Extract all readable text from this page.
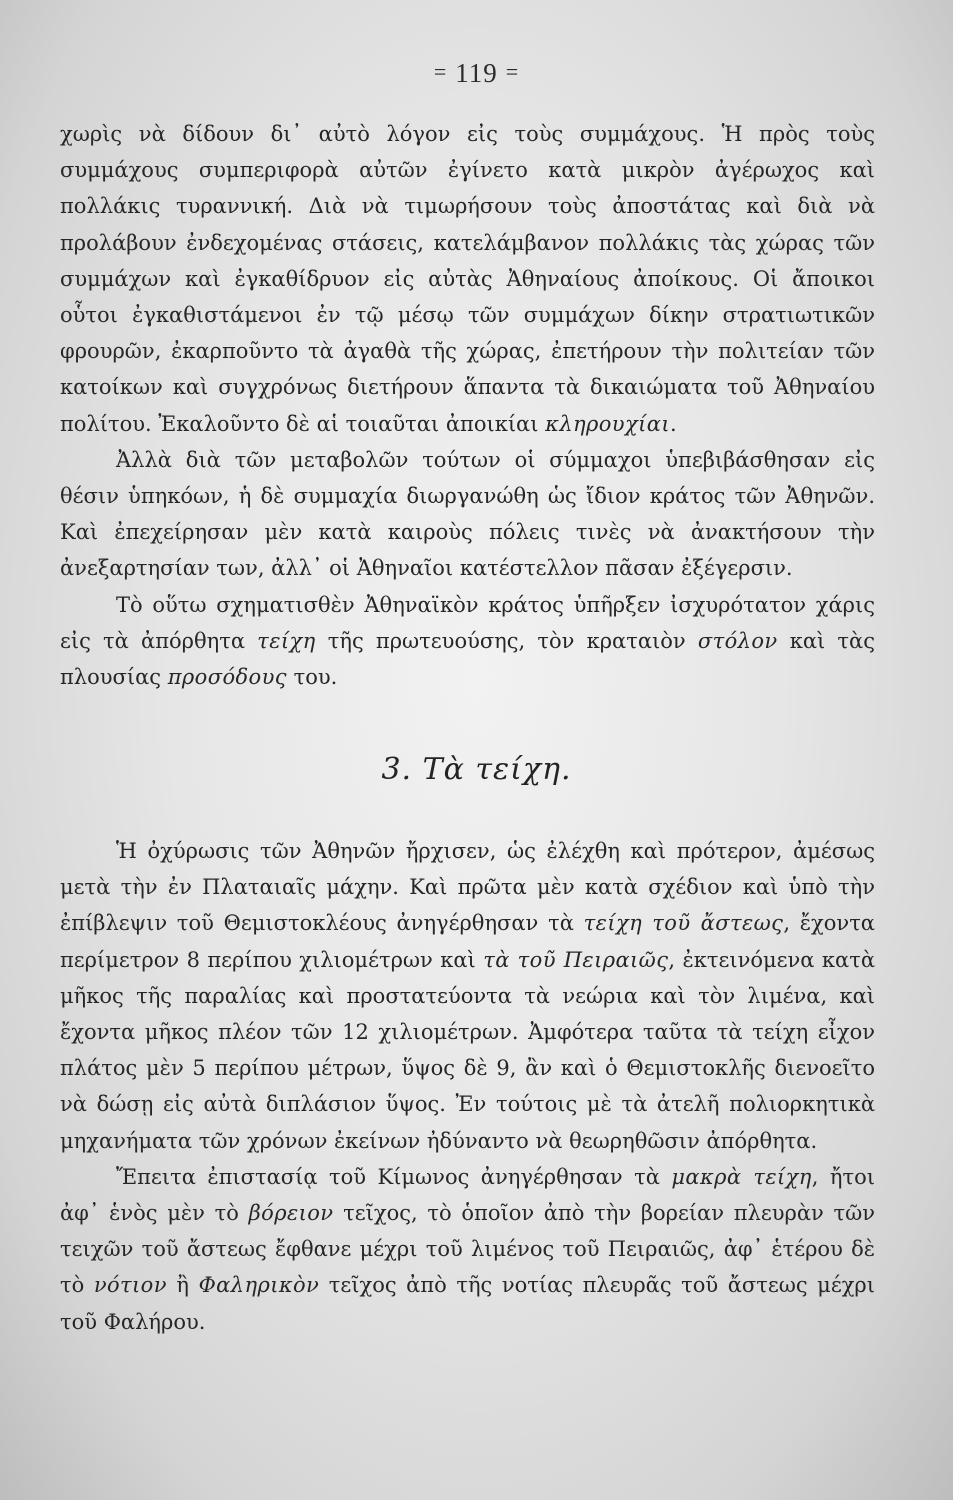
= 119 =

χωρὶς νὰ δίδουν δι᾽ αὐτὸ λόγον εἰς τοὺς συμμάχους. Ἡ πρὸς τοὺς συμμάχους συμπεριφορὰ αὐτῶν ἐγίνετο κατὰ μικρὸν ἀγέρωχος καὶ πολλάκις τυραννική. Διὰ νὰ τιμωρήσουν τοὺς ἀποστάτας καὶ διὰ νὰ προλάβουν ἐνδεχομένας στάσεις, κατελάμβανον πολλάκις τὰς χώρας τῶν συμμάχων καὶ ἐγκαθίδρυον εἰς αὐτὰς Ἀθηναίους ἀποίκους. Οἱ ἄποικοι οὗτοι ἐγκαθιστάμενοι ἐν τῷ μέσῳ τῶν συμμάχων δίκην στρατιωτικῶν φρουρῶν, ἐκαρποῦντο τὰ ἀγαθὰ τῆς χώρας, ἐπετήρουν τὴν πολιτείαν τῶν κατοίκων καὶ συγχρόνως διετήρουν ἅπαντα τὰ δικαιώματα τοῦ Ἀθηναίου πολίτου. Ἐκαλοῦντο δὲ αἱ τοιαῦται ἀποικίαι κληρουχίαι.

Ἀλλὰ διὰ τῶν μεταβολῶν τούτων οἱ σύμμαχοι ὑπεβιβάσθησαν εἰς θέσιν ὑπηκόων, ἡ δὲ συμμαχία διωργανώθη ὡς ἴδιον κράτος τῶν Ἀθηνῶν. Καὶ ἐπεχείρησαν μὲν κατὰ καιροὺς πόλεις τινὲς νὰ ἀνακτήσουν τὴν ἀνεξαρτησίαν των, ἀλλ᾽ οἱ Ἀθηναῖοι κατέστελλον πᾶσαν ἐξέγερσιν.

Τὸ οὕτω σχηματισθὲν Ἀθηναϊκὸν κράτος ὑπῆρξεν ἰσχυρότατον χάρις εἰς τὰ ἀπόρθητα τείχη τῆς πρωτευούσης, τὸν κραταιὸν στόλον καὶ τὰς πλουσίας προσόδους του.

3. Τὰ τείχη.

Ἡ ὀχύρωσις τῶν Ἀθηνῶν ἤρχισεν, ὡς ἐλέχθη καὶ πρότερον, ἀμέσως μετὰ τὴν ἐν Πλαταιαῖς μάχην. Καὶ πρῶτα μὲν κατὰ σχέδιον καὶ ὑπὸ τὴν ἐπίβλεψιν τοῦ Θεμιστοκλέους ἀνηγέρθησαν τὰ τείχη τοῦ ἄστεως, ἔχοντα περίμετρον 8 περίπου χιλιομέτρων καὶ τὰ τοῦ Πειραιῶς, ἐκτεινόμενα κατὰ μῆκος τῆς παραλίας καὶ προστατεύοντα τὰ νεώρια καὶ τὸν λιμένα, καὶ ἔχοντα μῆκος πλέον τῶν 12 χιλιομέτρων. Ἀμφότερα ταῦτα τὰ τείχη εἶχον πλάτος μὲν 5 περίπου μέτρων, ὕψος δὲ 9, ἂν καὶ ὁ Θεμιστοκλῆς διενοεῖτο νὰ δώσῃ εἰς αὐτὰ διπλάσιον ὕψος. Ἐν τούτοις μὲ τὰ ἀτελῆ πολιορκητικὰ μηχανήματα τῶν χρόνων ἐκείνων ἠδύναντο νὰ θεωρηθῶσιν ἀπόρθητα.

Ἔπειτα ἐπιστασίᾳ τοῦ Κίμωνος ἀνηγέρθησαν τὰ μακρὰ τείχη, ἤτοι ἀφ᾽ ἑνὸς μὲν τὸ βόρειον τεῖχος, τὸ ὁποῖον ἀπὸ τὴν βορείαν πλευρὰν τῶν τειχῶν τοῦ ἄστεως ἔφθανε μέχρι τοῦ λιμένος τοῦ Πειραιῶς, ἀφ᾽ ἑτέρου δὲ τὸ νότιον ἢ Φαληρικὸν τεῖχος ἀπὸ τῆς νοτίας πλευρᾶς τοῦ ἄστεως μέχρι τοῦ Φαλήρου.
